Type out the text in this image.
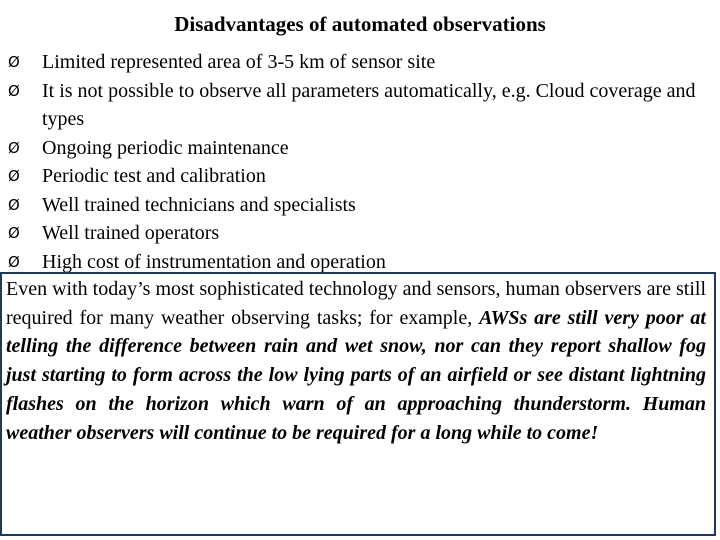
Disadvantages of automated observations
Ø	Limited represented area of 3-5 km of sensor site
Ø	It is not possible to observe all parameters automatically, e.g. Cloud coverage and types
Ø	Ongoing periodic maintenance
Ø	Periodic test and calibration
Ø	Well trained technicians and specialists
Ø	Well trained operators
Ø	High cost of instrumentation and operation

Even with today’s most sophisticated technology and sensors, human observers are still required for many weather observing tasks; for example, AWSs are still very poor at telling the difference between rain and wet snow, nor can they report shallow fog just starting to form across the low lying parts of an airfield or see distant lightning flashes on the horizon which warn of an approaching thunderstorm. Human weather observers will continue to be required for a long while to come!
